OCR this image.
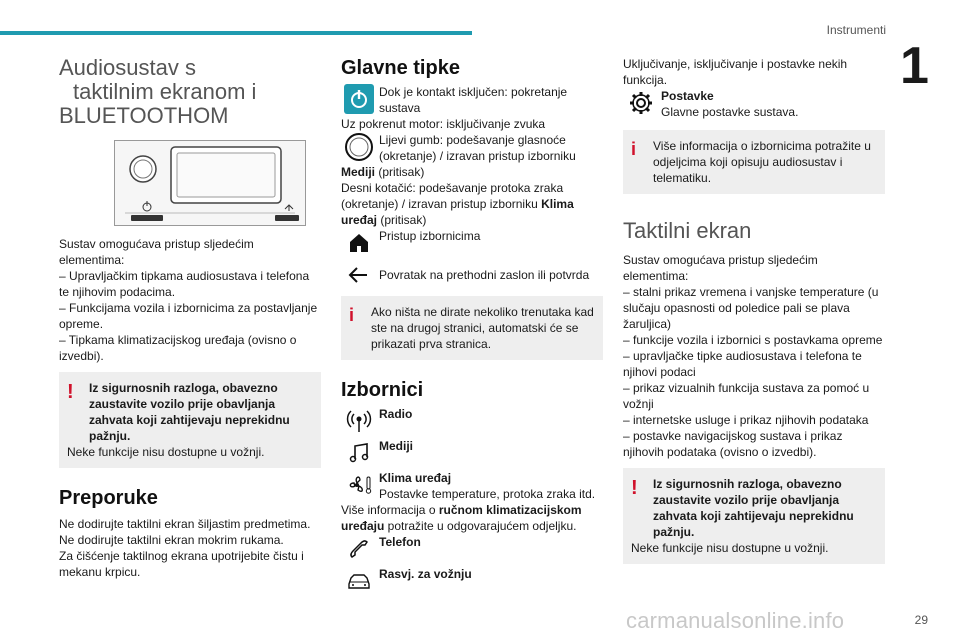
Instrumenti
1
Audiosustav s
taktilnim ekranom i
BLUETOOTHOM

Sustav omogućava pristup sljedećim elementima:

– Upravljačkim tipkama audiosustava i telefona te njihovim podacima.

– Funkcijama vozila i izbornicima za postavljanje opreme.

– Tipkama klimatizacijskog uređaja (ovisno o izvedbi).

!	Iz sigurnosnih razloga, obavezno zaustavite vozilo prije obavljanja zahvata koji zahtijevaju neprekidnu pažnju.

Neke funkcije nisu dostupne u vožnji.

Preporuke

Ne dodirujte taktilni ekran šiljastim predmetima.

Ne dodirujte taktilni ekran mokrim rukama.

Za čišćenje taktilnog ekrana upotrijebite čistu i mekanu krpicu.

Glavne tipke

Dok je kontakt isključen: pokretanje sustava

Uz pokrenut motor: isključivanje zvuka

Lijevi gumb: podešavanje glasnoće (okretanje) / izravan pristup izborniku

Mediji (pritisak)

Desni kotačić: podešavanje protoka zraka (okretanje) / izravan pristup izborniku Klima uređaj (pritisak)

Pristup izbornicima

Povratak na prethodni zaslon ili potvrda

i	Ako ništa ne dirate nekoliko trenutaka kad ste na drugoj stranici, automatski će se prikazati prva stranica.

Izbornici

Radio

Mediji

Klima uređaj

Postavke temperature, protoka zraka itd.

Više informacija o ručnom klimatizacijskom uređaju potražite u odgovarajućem odjeljku.

Telefon

Rasvj. za vožnju

Uključivanje, isključivanje i postavke nekih funkcija.

Postavke

Glavne postavke sustava.

i	Više informacija o izbornicima potražite u odjeljcima koji opisuju audiosustav i telematiku.

Taktilni ekran

Sustav omogućava pristup sljedećim elementima:

– stalni prikaz vremena i vanjske temperature (u slučaju opasnosti od poledice pali se plava žaruljica)

– funkcije vozila i izbornici s postavkama opreme

– upravljačke tipke audiosustava i telefona te njihovi podaci

– prikaz vizualnih funkcija sustava za pomoć u vožnji

– internetske usluge i prikaz njihovih podataka

– postavke navigacijskog sustava i prikaz njihovih podataka (ovisno o izvedbi).

!	Iz sigurnosnih razloga, obavezno zaustavite vozilo prije obavljanja zahvata koji zahtijevaju neprekidnu pažnju.

Neke funkcije nisu dostupne u vožnji.

carmanualsonline.info	29
